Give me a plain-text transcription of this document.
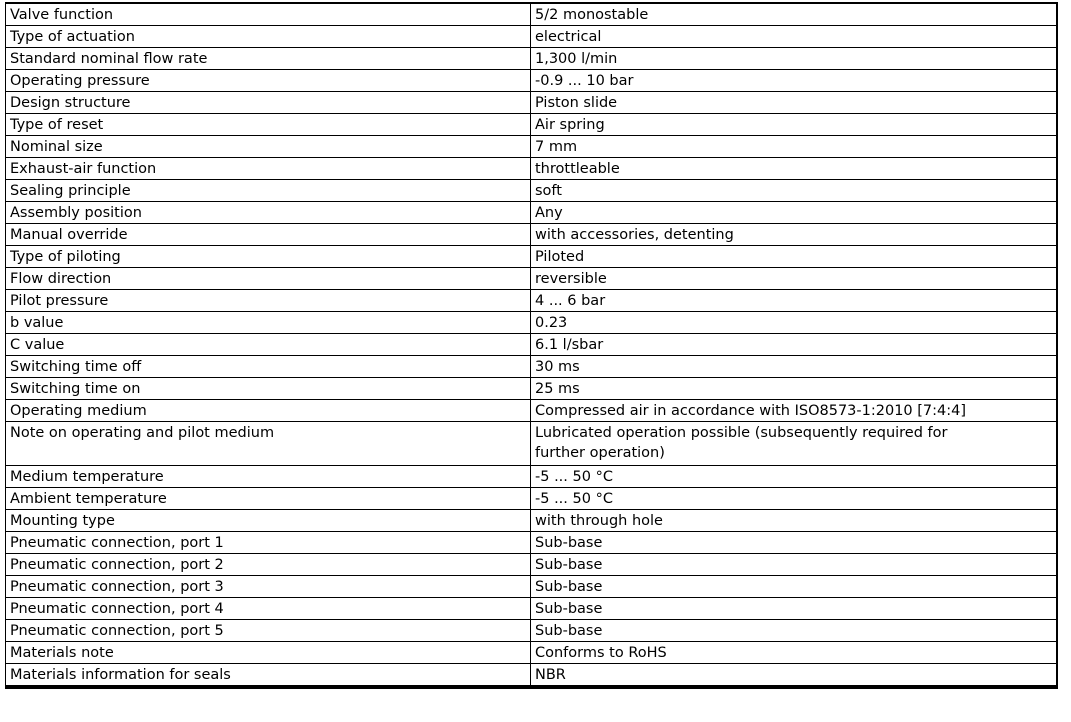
Valve function	5/2 monostable
Type of actuation	electrical
Standard nominal flow rate	1,300 l/min
Operating pressure	-0.9 ... 10 bar
Design structure	Piston slide
Type of reset	Air spring
Nominal size	7 mm
Exhaust-air function	throttleable
Sealing principle	soft
Assembly position	Any
Manual override	with accessories, detenting
Type of piloting	Piloted
Flow direction	reversible
Pilot pressure	4 ... 6 bar
b value	0.23
C value	6.1 l/sbar
Switching time off	30 ms
Switching time on	25 ms
Operating medium	Compressed air in accordance with ISO8573-1:2010 [7:4:4]
Note on operating and pilot medium	Lubricated operation possible (subsequently required for further operation)
Medium temperature	-5 ... 50 °C
Ambient temperature	-5 ... 50 °C
Mounting type	with through hole
Pneumatic connection, port 1	Sub-base
Pneumatic connection, port 2	Sub-base
Pneumatic connection, port 3	Sub-base
Pneumatic connection, port 4	Sub-base
Pneumatic connection, port 5	Sub-base
Materials note	Conforms to RoHS
Materials information for seals	NBR
